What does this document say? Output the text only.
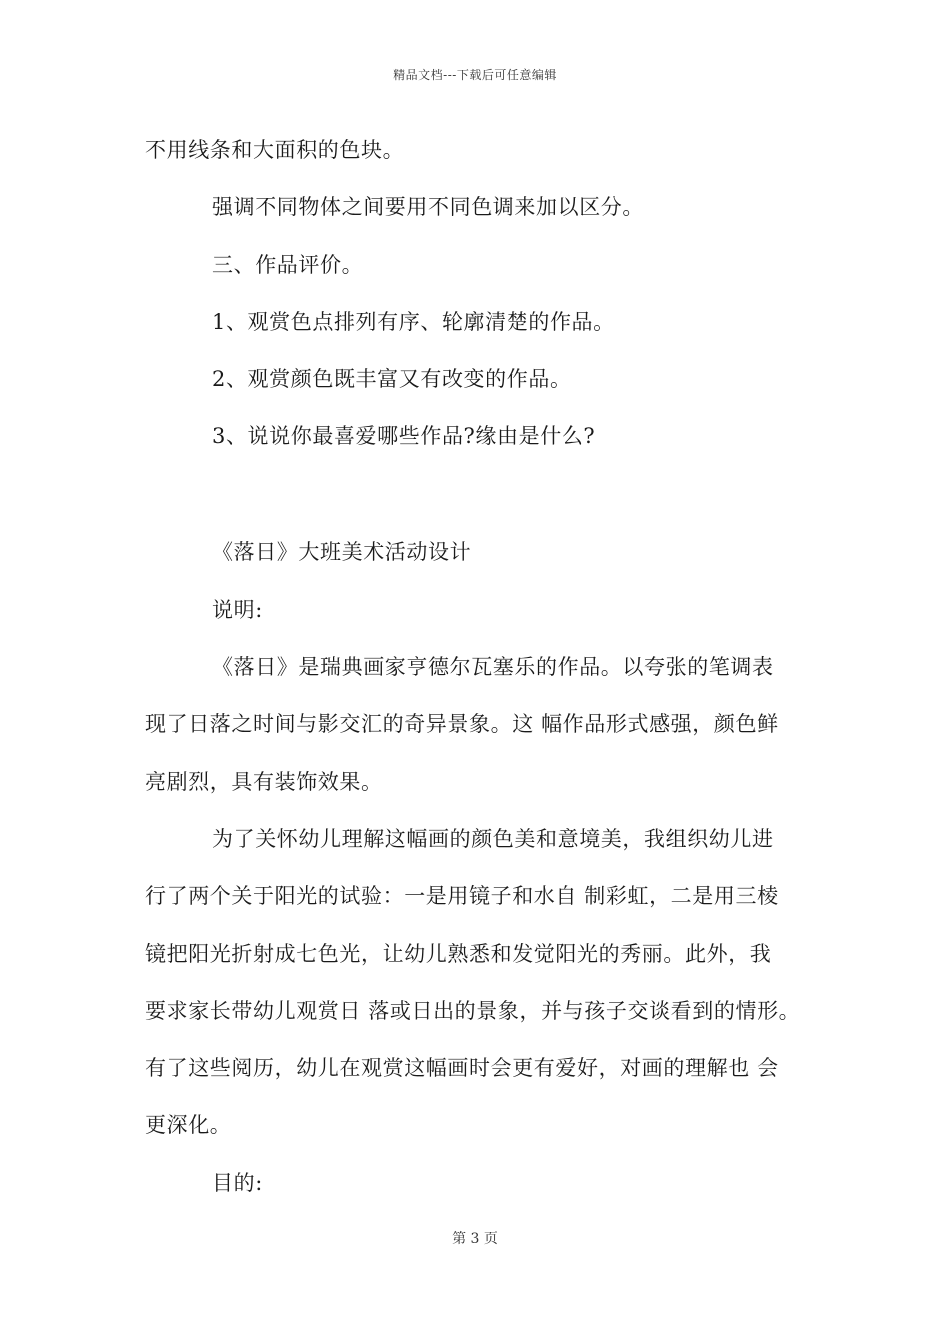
精品文档---下载后可任意编辑
不用线条和大面积的色块。
强调不同物体之间要用不同色调来加以区分。
三、作品评价。
1、观赏色点排列有序、轮廓清楚的作品。
2、观赏颜色既丰富又有改变的作品。
3、说说你最喜爱哪些作品?缘由是什么?
《落日》大班美术活动设计
说明:
《落日》是瑞典画家亨德尔瓦塞乐的作品。以夸张的笔调表
现了日落之时间与影交汇的奇异景象。这 幅作品形式感强，颜色鲜
亮剧烈，具有装饰效果。
为了关怀幼儿理解这幅画的颜色美和意境美，我组织幼儿进
行了两个关于阳光的试验：一是用镜子和水自 制彩虹，二是用三棱
镜把阳光折射成七色光，让幼儿熟悉和发觉阳光的秀丽。此外，我
要求家长带幼儿观赏日 落或日出的景象，并与孩子交谈看到的情形。
有了这些阅历，幼儿在观赏这幅画时会更有爱好，对画的理解也 会
更深化。
目的:
第 3 页
